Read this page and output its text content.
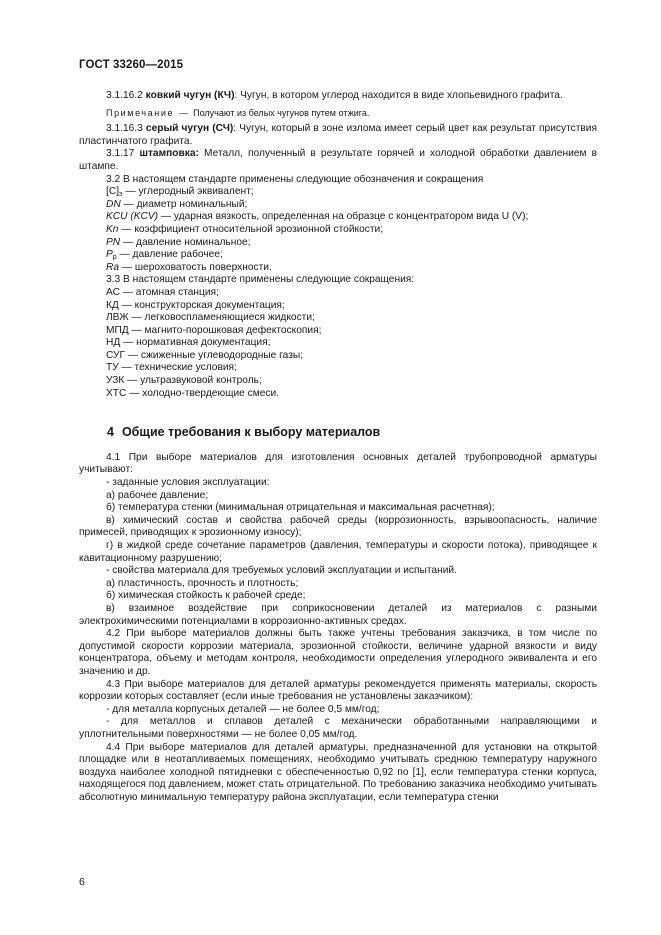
ГОСТ 33260—2015

3.1.16.2 ковкий чугун (КЧ): Чугун, в котором углерод находится в виде хлопьевидного графита.

Примечание — Получают из белых чугунов путем отжига.

3.1.16.3 серый чугун (СЧ): Чугун, который в зоне излома имеет серый цвет как результат присутствия пластинчатого графита.

3.1.17 штамповка: Металл, полученный в результате горячей и холодной обработки давлением в штампе.

3.2 В настоящем стандарте применены следующие обозначения и сокращения

$[C]_э$ — углеродный эквивалент;

DN — диаметр номинальный;

KCU (KCV) — ударная вязкость, определенная на образце с концентратором вида U (V);

Kn — коэффициент относительной эрозионной стойкости;

PN — давление номинальное;

$P_р$ — давление рабочее;

Ra — шероховатость поверхности.

3.3 В настоящем стандарте применены следующие сокращения:

АС — атомная станция;

КД — конструкторская документация;

ЛВЖ — легковоспламеняющиеся жидкости;

МПД — магнито-порошковая дефектоскопия;

НД — нормативная документация;

СУГ — сжиженные углеводородные газы;

ТУ — технические условия;

УЗК — ультразвуковой контроль;

ХТС — холодно-твердеющие смеси.

4 Общие требования к выбору материалов

4.1 При выборе материалов для изготовления основных деталей трубопроводной арматуры учитывают:

- заданные условия эксплуатации:

а) рабочее давление;

б) температура стенки (минимальная отрицательная и максимальная расчетная);

в) химический состав и свойства рабочей среды (коррозионность, взрывоопасность, наличие примесей, приводящих к эрозионному износу);

г) в жидкой среде сочетание параметров (давления, температуры и скорости потока), приводящее к кавитационному разрушению;

- свойства материала для требуемых условий эксплуатации и испытаний.

а) пластичность, прочность и плотность;

б) химическая стойкость к рабочей среде;

в) взаимное воздействие при соприкосновении деталей из материалов с разными электрохимическими потенциалами в коррозионно-активных средах.

4.2 При выборе материалов должны быть также учтены требования заказчика, в том числе по допустимой скорости коррозии материала, эрозионной стойкости, величине ударной вязкости и виду концентратора, объему и методам контроля, необходимости определения углеродного эквивалента и его значению и др.

4.3 При выборе материалов для деталей арматуры рекомендуется применять материалы, скорость коррозии которых составляет (если иные требования не установлены заказчиком):

- для металла корпусных деталей — не более 0,5 мм/год;

- для металлов и сплавов деталей с механически обработанными направляющими и уплотнительными поверхностями — не более 0,05 мм/год.

4.4 При выборе материалов для деталей арматуры, предназначенной для установки на открытой площадке или в неотапливаемых помещениях, необходимо учитывать среднюю температуру наружного воздуха наиболее холодной пятидневки с обеспеченностью 0,92 по [1], если температура стенки корпуса, находящегося под давлением, может стать отрицательной. По требованию заказчика необходимо учитывать абсолютную минимальную температуру района эксплуатации, если температура стенки

6
